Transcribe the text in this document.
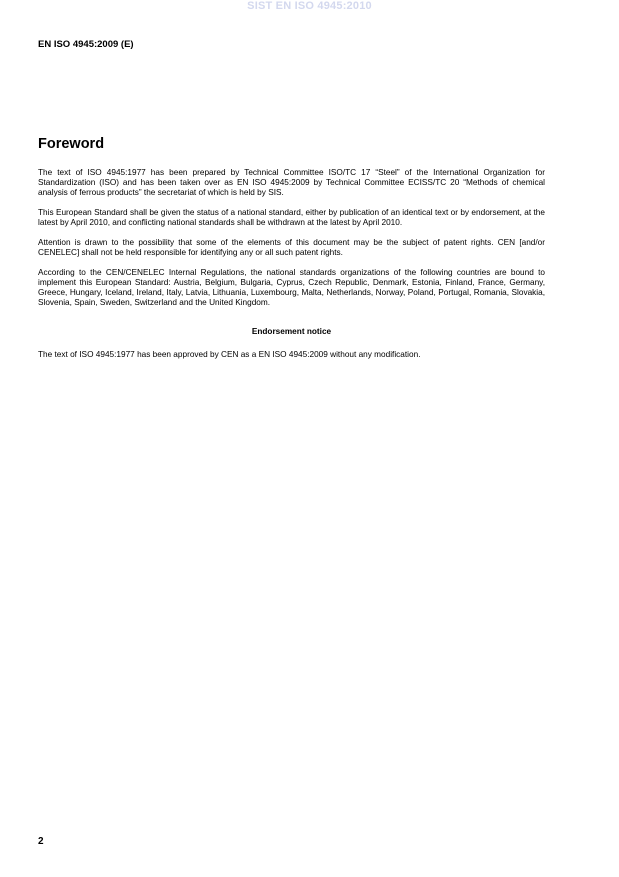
SIST EN ISO 4945:2010
EN ISO 4945:2009 (E)
Foreword

The text of ISO 4945:1977 has been prepared by Technical Committee ISO/TC 17 “Steel” of the International Organization for Standardization (ISO) and has been taken over as EN ISO 4945:2009 by Technical Committee ECISS/TC 20 “Methods of chemical analysis of ferrous products” the secretariat of which is held by SIS.

This European Standard shall be given the status of a national standard, either by publication of an identical text or by endorsement, at the latest by April 2010, and conflicting national standards shall be withdrawn at the latest by April 2010.

Attention is drawn to the possibility that some of the elements of this document may be the subject of patent rights. CEN [and/or CENELEC] shall not be held responsible for identifying any or all such patent rights.

According to the CEN/CENELEC Internal Regulations, the national standards organizations of the following countries are bound to implement this European Standard: Austria, Belgium, Bulgaria, Cyprus, Czech Republic, Denmark, Estonia, Finland, France, Germany, Greece, Hungary, Iceland, Ireland, Italy, Latvia, Lithuania, Luxembourg, Malta, Netherlands, Norway, Poland, Portugal, Romania, Slovakia, Slovenia, Spain, Sweden, Switzerland and the United Kingdom.

Endorsement notice

The text of ISO 4945:1977 has been approved by CEN as a EN ISO 4945:2009 without any modification.

2
